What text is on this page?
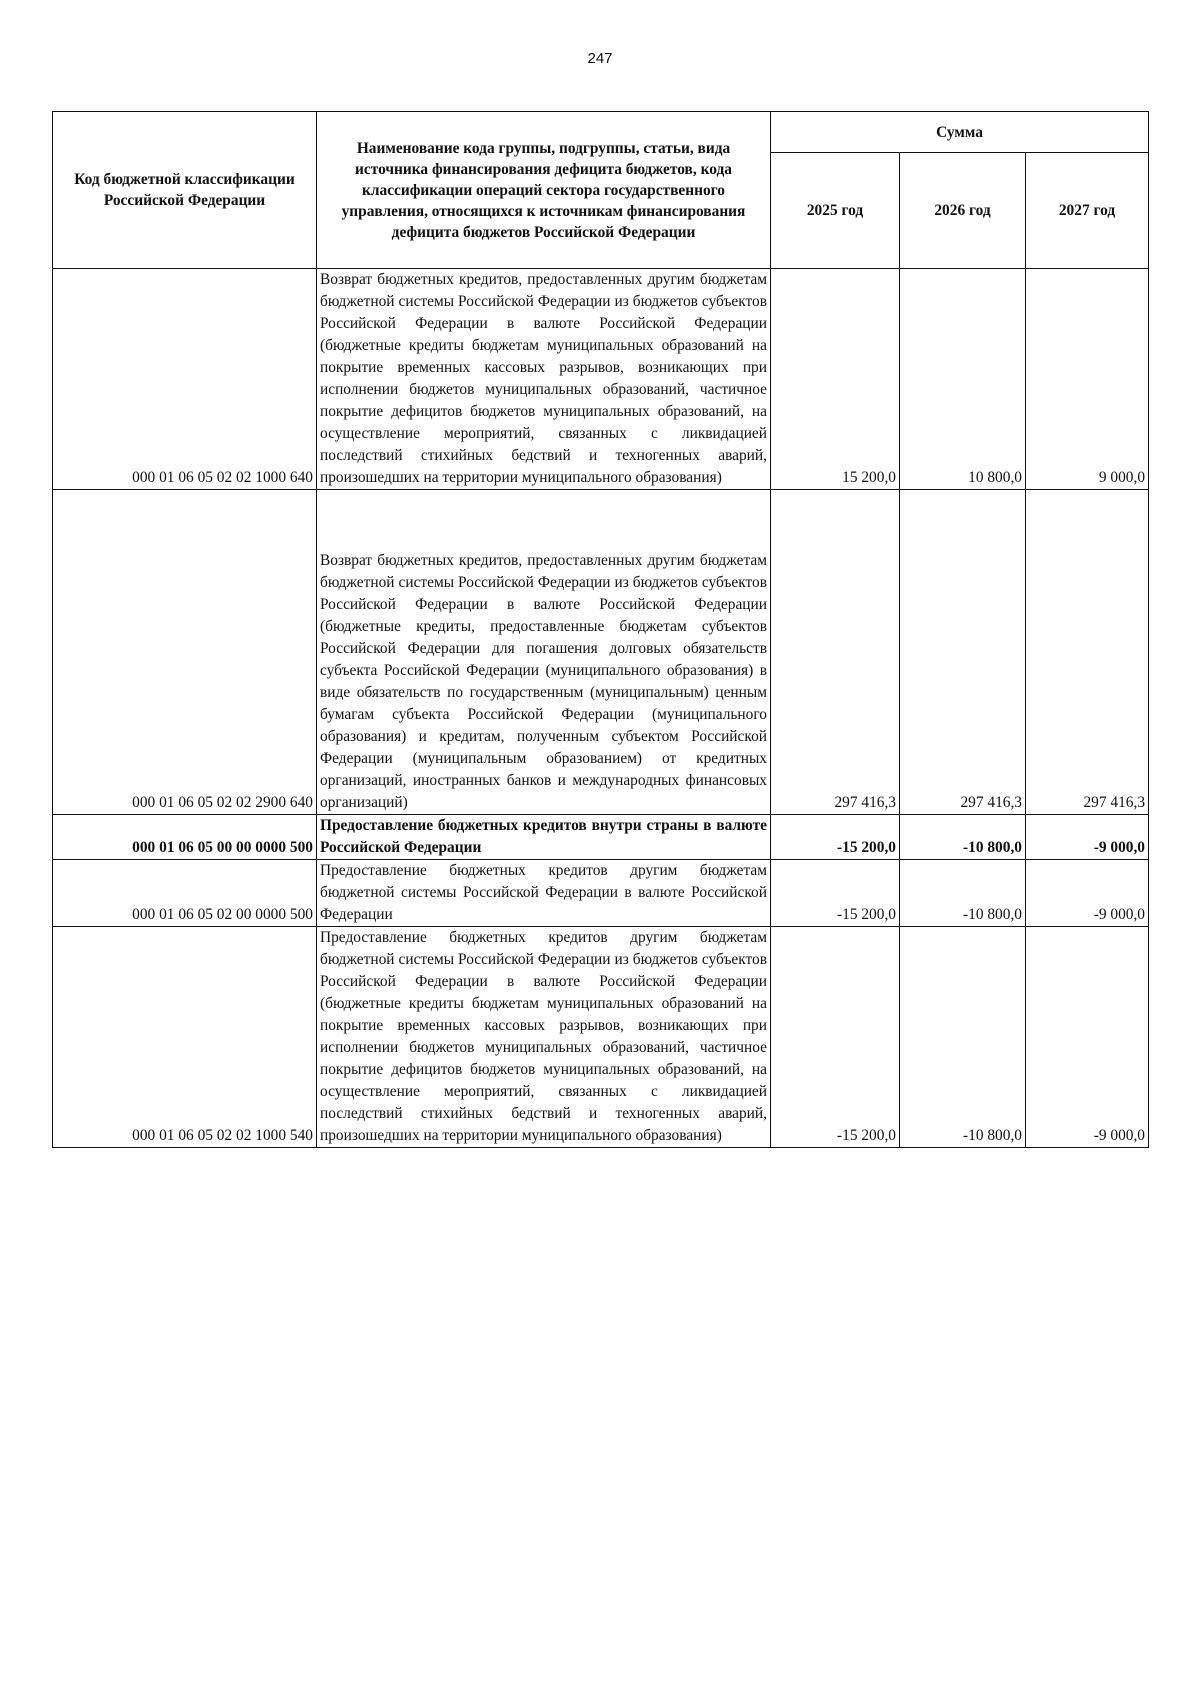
247
Код бюджетной классификации Российской Федерации	Наименование кода группы, подгруппы, статьи, вида источника финансирования дефицита бюджетов, кода классификации операций сектора государственного управления, относящихся к источникам финансирования дефицита бюджетов Российской Федерации	Сумма		
		2025 год	2026 год	2027 год
000 01 06 05 02 02 1000 640	Возврат бюджетных кредитов, предоставленных другим бюджетам бюджетной системы Российской Федерации из бюджетов субъектов Российской Федерации в валюте Российской Федерации (бюджетные кредиты бюджетам муниципальных образований на покрытие временных кассовых разрывов, возникающих при исполнении бюджетов муниципальных образований, частичное покрытие дефицитов бюджетов муниципальных образований, на осуществление мероприятий, связанных с ликвидацией последствий стихийных бедствий и техногенных аварий, произошедших на территории муниципального образования)	15 200,0	10 800,0	9 000,0
000 01 06 05 02 02 2900 640	Возврат бюджетных кредитов, предоставленных другим бюджетам бюджетной системы Российской Федерации из бюджетов субъектов Российской Федерации в валюте Российской Федерации (бюджетные кредиты, предоставленные бюджетам субъектов Российской Федерации для погашения долговых обязательств субъекта Российской Федерации (муниципального образования) в виде обязательств по государственным (муниципальным) ценным бумагам субъекта Российской Федерации (муниципального образования) и кредитам, полученным субъектом Российской Федерации (муниципальным образованием) от кредитных организаций, иностранных банков и международных финансовых организаций)	297 416,3	297 416,3	297 416,3
000 01 06 05 00 00 0000 500	Предоставление бюджетных кредитов внутри страны в валюте Российской Федерации	-15 200,0	-10 800,0	-9 000,0
000 01 06 05 02 00 0000 500	Предоставление бюджетных кредитов другим бюджетам бюджетной системы Российской Федерации в валюте Российской Федерации	-15 200,0	-10 800,0	-9 000,0
000 01 06 05 02 02 1000 540	Предоставление бюджетных кредитов другим бюджетам бюджетной системы Российской Федерации из бюджетов субъектов Российской Федерации в валюте Российской Федерации (бюджетные кредиты бюджетам муниципальных образований на покрытие временных кассовых разрывов, возникающих при исполнении бюджетов муниципальных образований, частичное покрытие дефицитов бюджетов муниципальных образований, на осуществление мероприятий, связанных с ликвидацией последствий стихийных бедствий и техногенных аварий, произошедших на территории муниципального образования)	-15 200,0	-10 800,0	-9 000,0
